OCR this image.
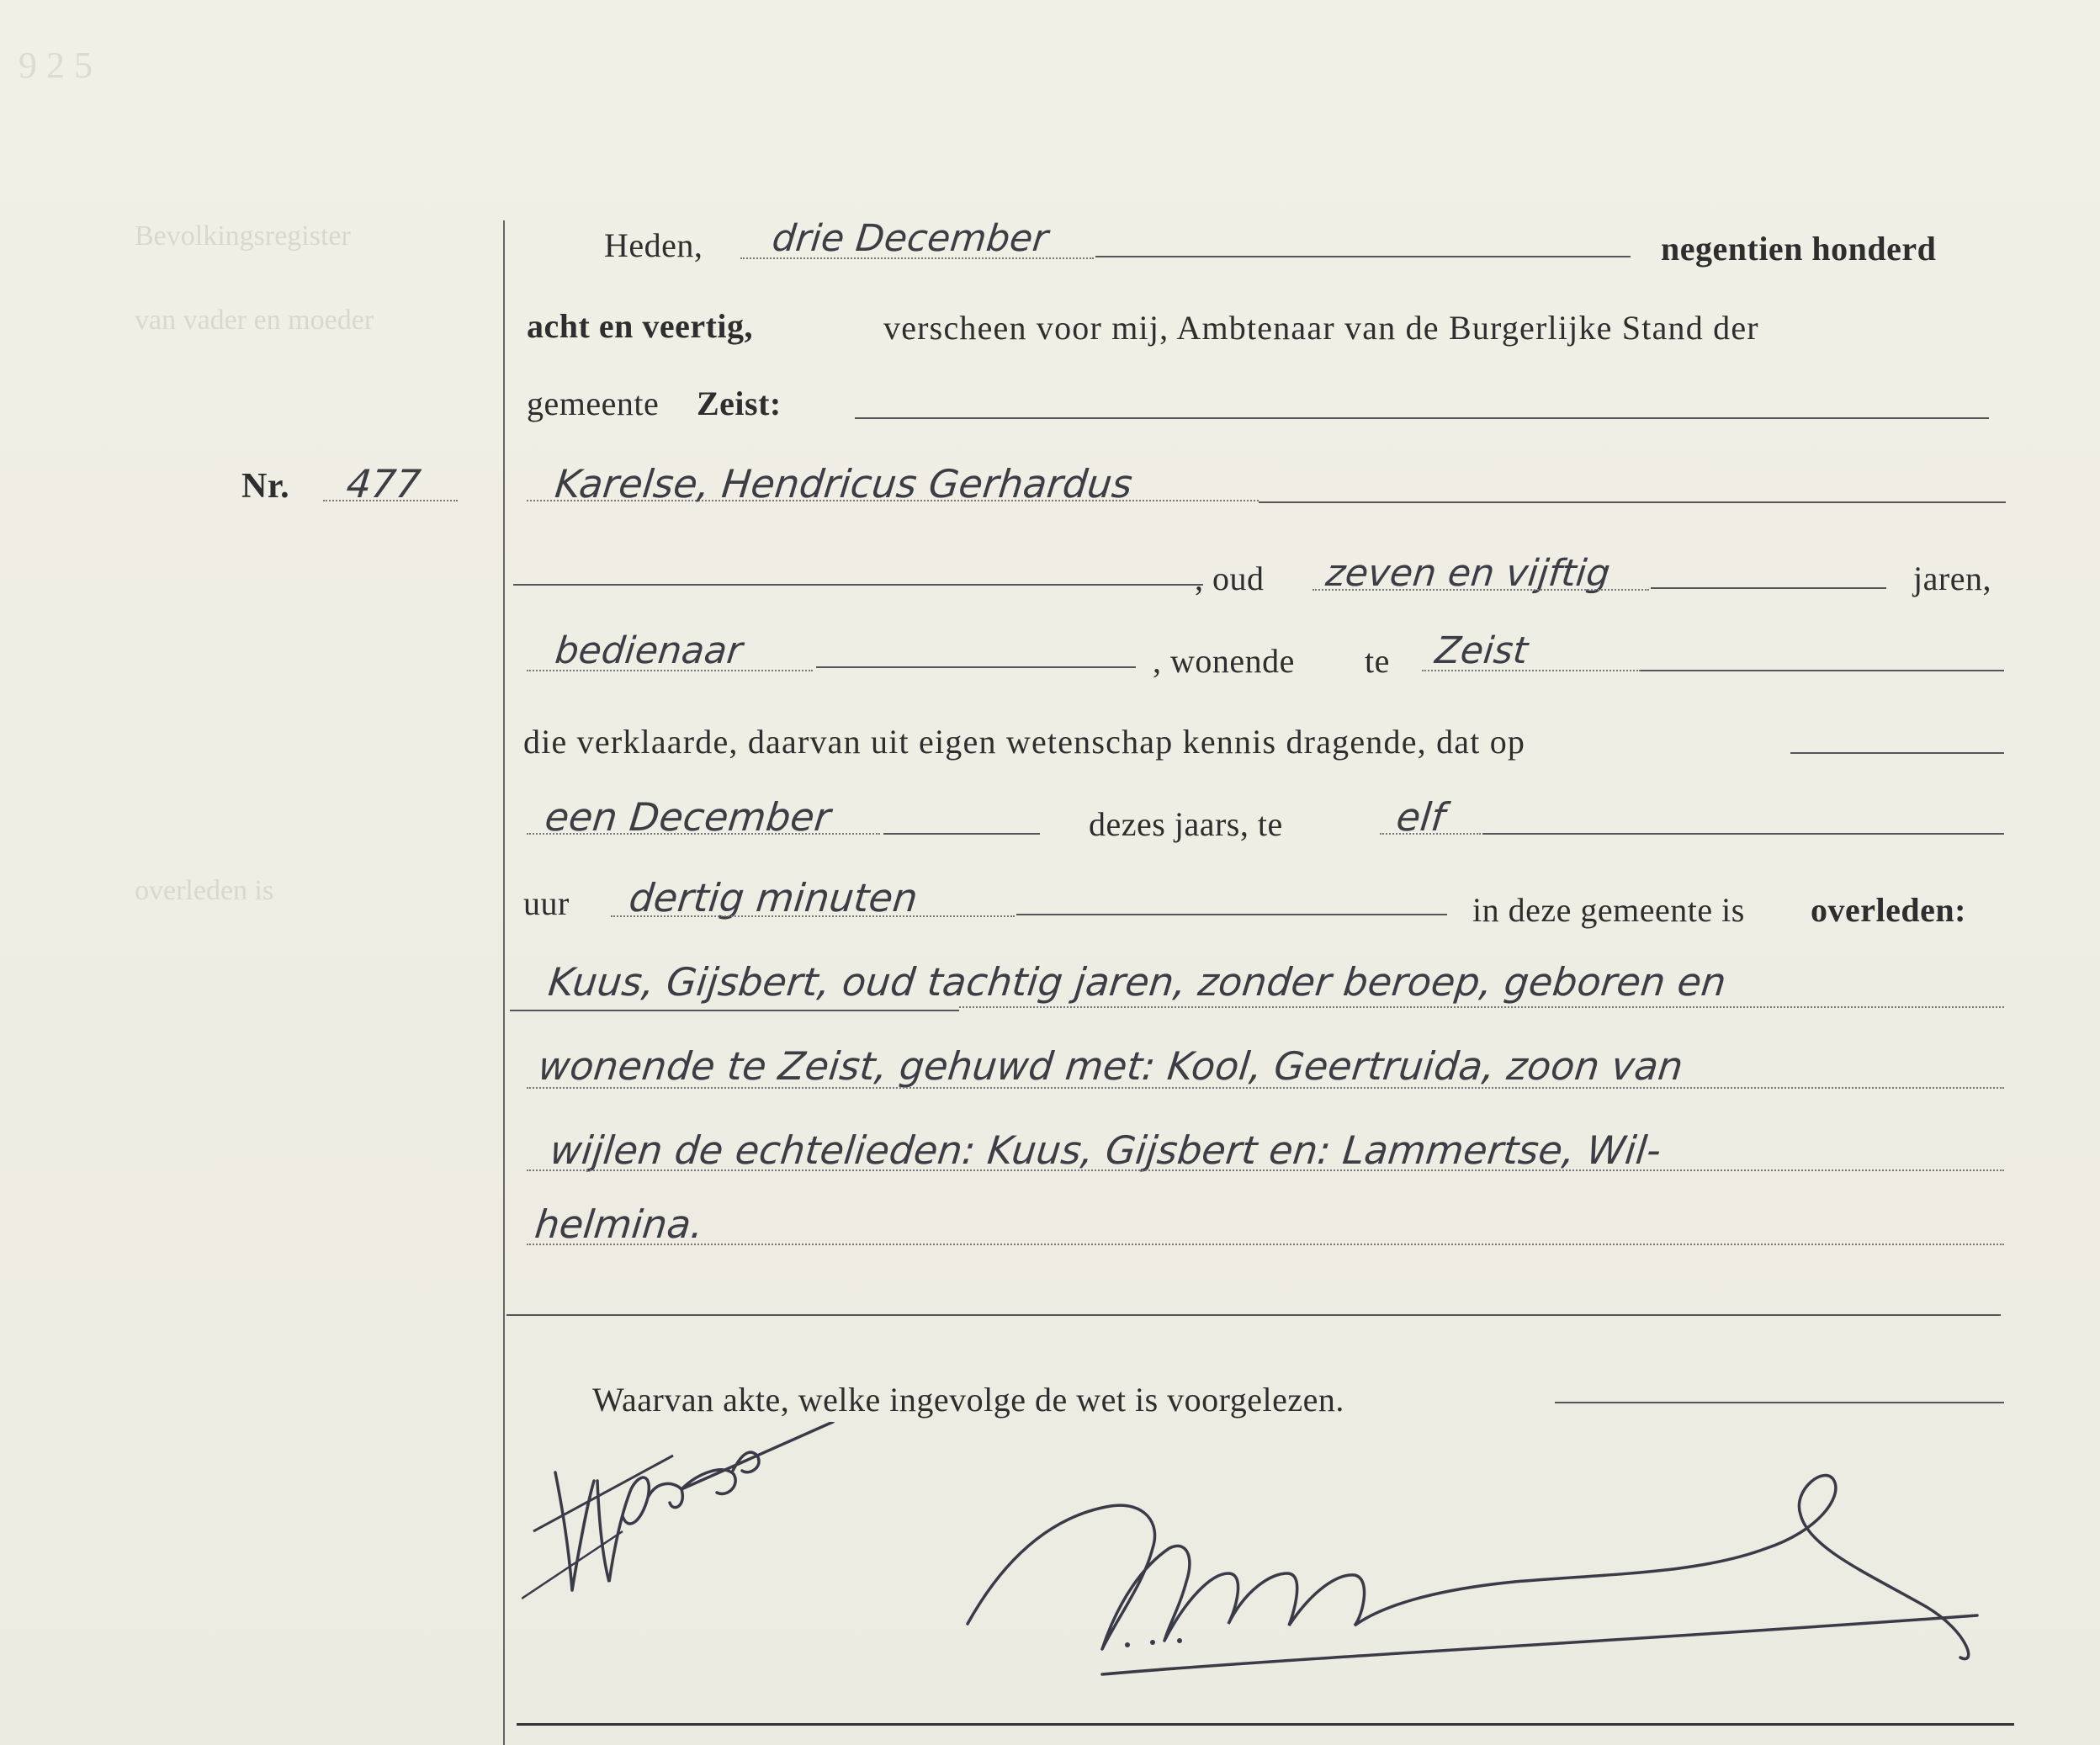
9 2 5
Bevolkingsregister
van vader en moeder
overleden is
Nr. 477
Heden, drie December	negentien honderd
acht en veertig,	verscheen voor mij, Ambtenaar van de Burgerlijke Stand der
gemeente Zeist:
Karelse, Hendricus Gerhardus
, oud zeven en vijftig	jaren,
bedienaar	, wonende te Zeist
die verklaarde, daarvan uit eigen wetenschap kennis dragende, dat op
een December	dezes jaars, te	elf
uur dertig minuten	in deze gemeente is overleden:
Kuus, Gijsbert, oud tachtig jaren, zonder beroep, geboren en
wonende te Zeist, gehuwd met: Kool, Geertruida, zoon van
wijlen de echtelieden: Kuus, Gijsbert en: Lammertse, Wil-
helmina.
Waarvan akte, welke ingevolge de wet is voorgelezen.
